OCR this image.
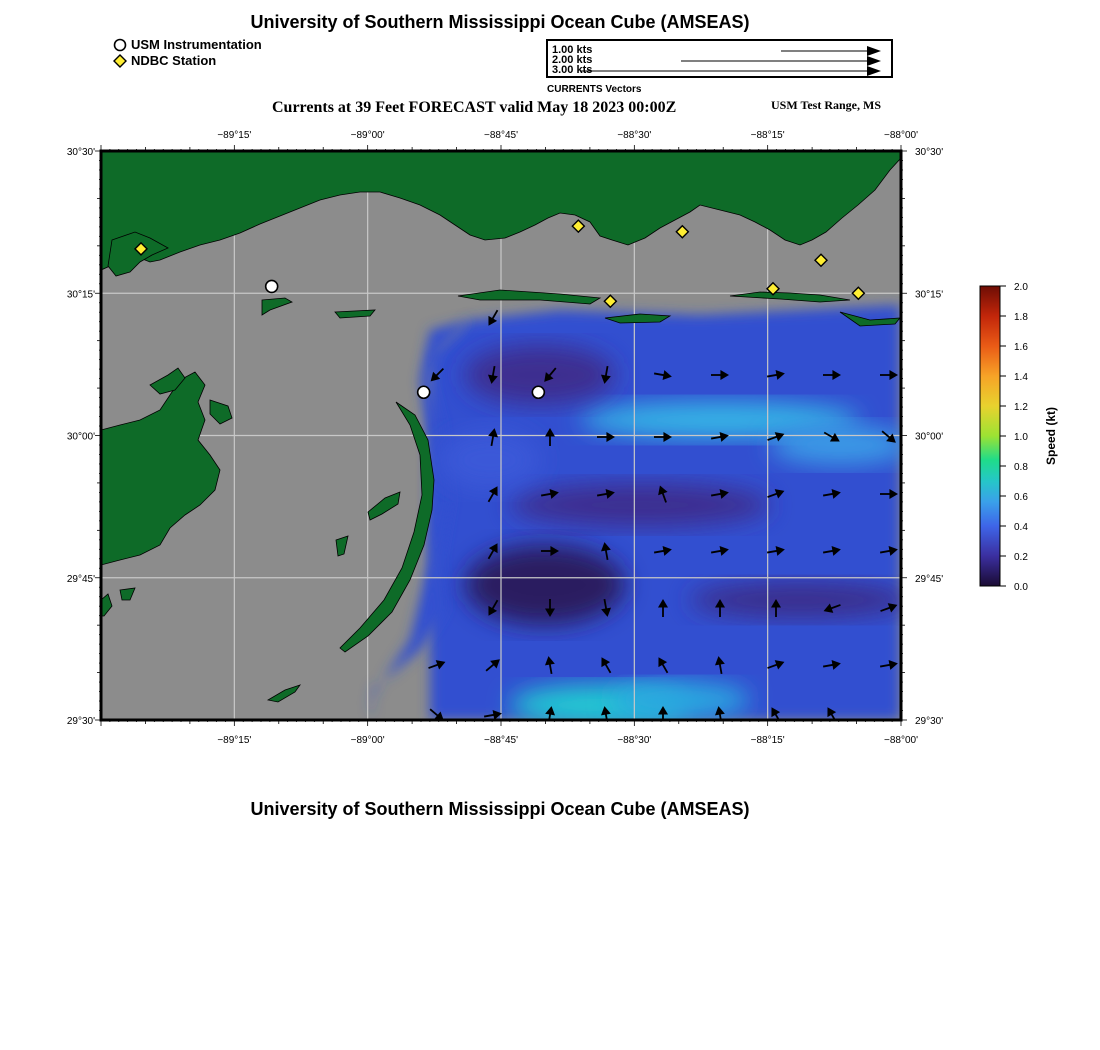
University of Southern Mississippi Ocean Cube (AMSEAS)
USM Instrumentation
NDBC Station
1.00 kts
2.00 kts
3.00 kts
CURRENTS Vectors
Currents at 39 Feet FORECAST valid May 18 2023 00:00Z	USM Test Range, MS
−89°15'
−89°15'
−89°00'
−89°00'
−88°45'
−88°45'
−88°30'
−88°30'
−88°15'
−88°15'
−88°00'
−88°00'
30°30'	30°30'
30°15'	30°15'
30°00'	30°00'
29°45'	29°45'
29°30'	29°30'
0.0
0.2
0.4
0.6
0.8
1.0
1.2
1.4
1.6
1.8
2.0
Speed (kt)
University of Southern Mississippi Ocean Cube (AMSEAS)
